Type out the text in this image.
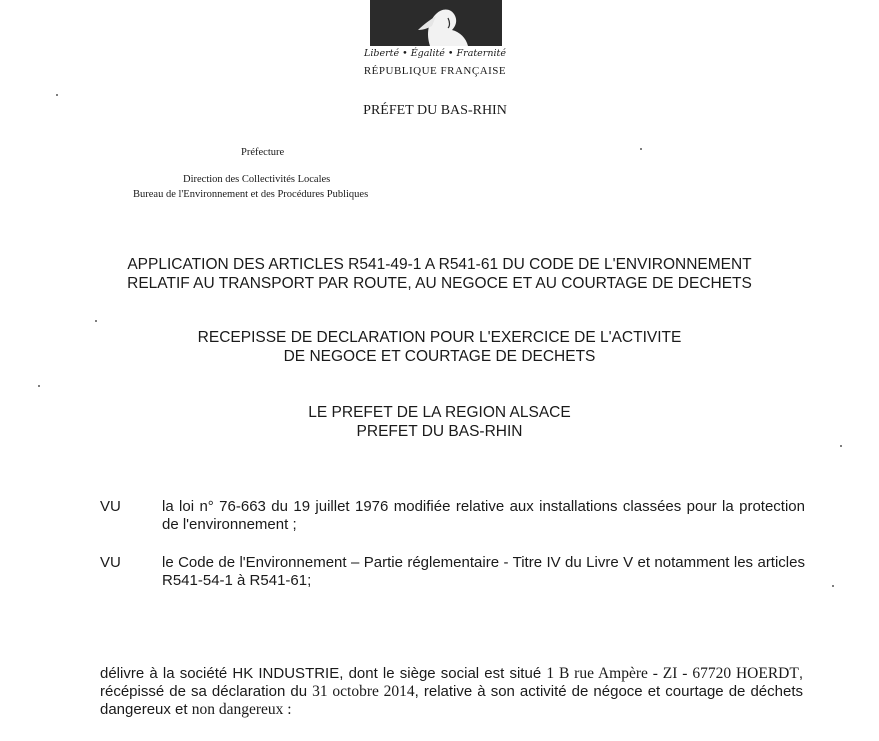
Liberté • Égalité • Fraternité
RÉPUBLIQUE FRANÇAISE
PRÉFET DU BAS-RHIN
Préfecture
Direction des Collectivités Locales
Bureau de l'Environnement et des Procédures Publiques
APPLICATION DES ARTICLES R541-49-1 A R541-61 DU CODE DE L'ENVIRONNEMENT
RELATIF AU TRANSPORT PAR ROUTE, AU NEGOCE ET AU COURTAGE DE DECHETS
RECEPISSE DE DECLARATION POUR L'EXERCICE DE L'ACTIVITE
DE NEGOCE ET COURTAGE DE DECHETS
LE PREFET DE LA REGION ALSACE
PREFET DU BAS-RHIN
VU	la loi n° 76-663 du 19 juillet 1976 modifiée relative aux installations classées pour la protection de l'environnement ;
VU	le Code de l'Environnement – Partie réglementaire - Titre IV du Livre V et notamment les articles R541-54-1 à R541-61;
délivre à la société HK INDUSTRIE, dont le siège social est situé 1 B rue Ampère - ZI - 67720 HOERDT, récépissé de sa déclaration du 31 octobre 2014, relative à son activité de négoce et courtage de déchets dangereux et non dangereux :
